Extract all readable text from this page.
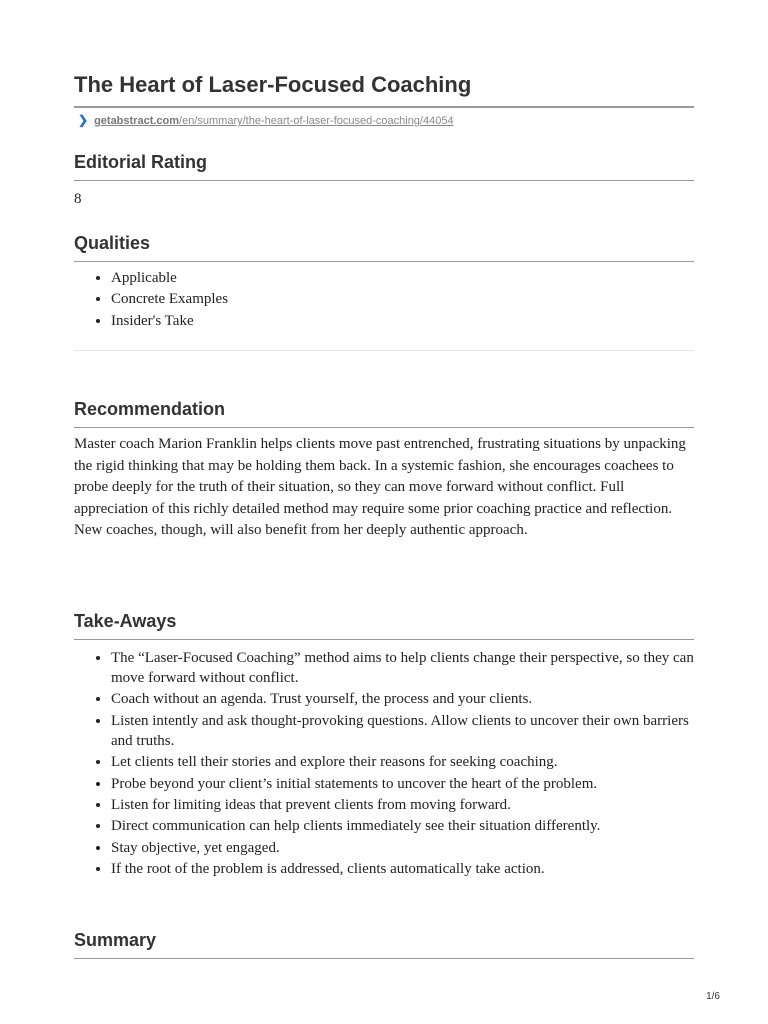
The Heart of Laser-Focused Coaching
❯ getabstract.com/en/summary/the-heart-of-laser-focused-coaching/44054
Editorial Rating
8
Qualities
• Applicable
• Concrete Examples
• Insider's Take
Recommendation
Master coach Marion Franklin helps clients move past entrenched, frustrating situations by unpacking the rigid thinking that may be holding them back. In a systemic fashion, she encourages coachees to probe deeply for the truth of their situation, so they can move forward without conflict. Full appreciation of this richly detailed method may require some prior coaching practice and reflection. New coaches, though, will also benefit from her deeply authentic approach.
Take-Aways
• The “Laser-Focused Coaching” method aims to help clients change their perspective, so they can move forward without conflict.
• Coach without an agenda. Trust yourself, the process and your clients.
• Listen intently and ask thought-provoking questions. Allow clients to uncover their own barriers and truths.
• Let clients tell their stories and explore their reasons for seeking coaching.
• Probe beyond your client’s initial statements to uncover the heart of the problem.
• Listen for limiting ideas that prevent clients from moving forward.
• Direct communication can help clients immediately see their situation differently.
• Stay objective, yet engaged.
• If the root of the problem is addressed, clients automatically take action.
Summary
1/6
